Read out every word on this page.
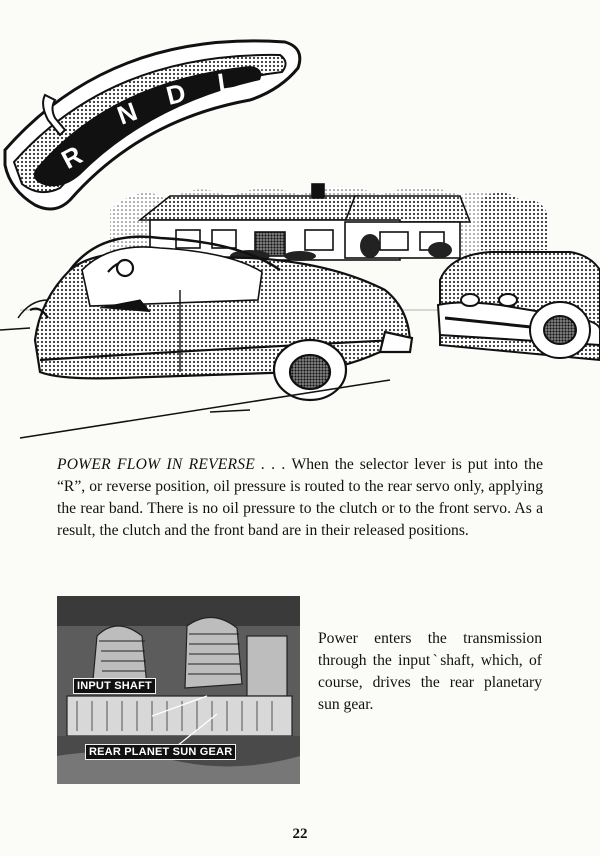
R
N
D L

POWER FLOW IN REVERSE . . . When the selector lever is put into the “R”, or reverse position, oil pressure is routed to the rear servo only, applying the rear band. There is no oil pressure to the clutch or to the front servo. As a result, the clutch and the front band are in their released positions.

INPUT SHAFT
REAR PLANET SUN GEAR

Power enters the transmission through the inputˋshaft, which, of course, drives the rear planetary sun gear.

22
